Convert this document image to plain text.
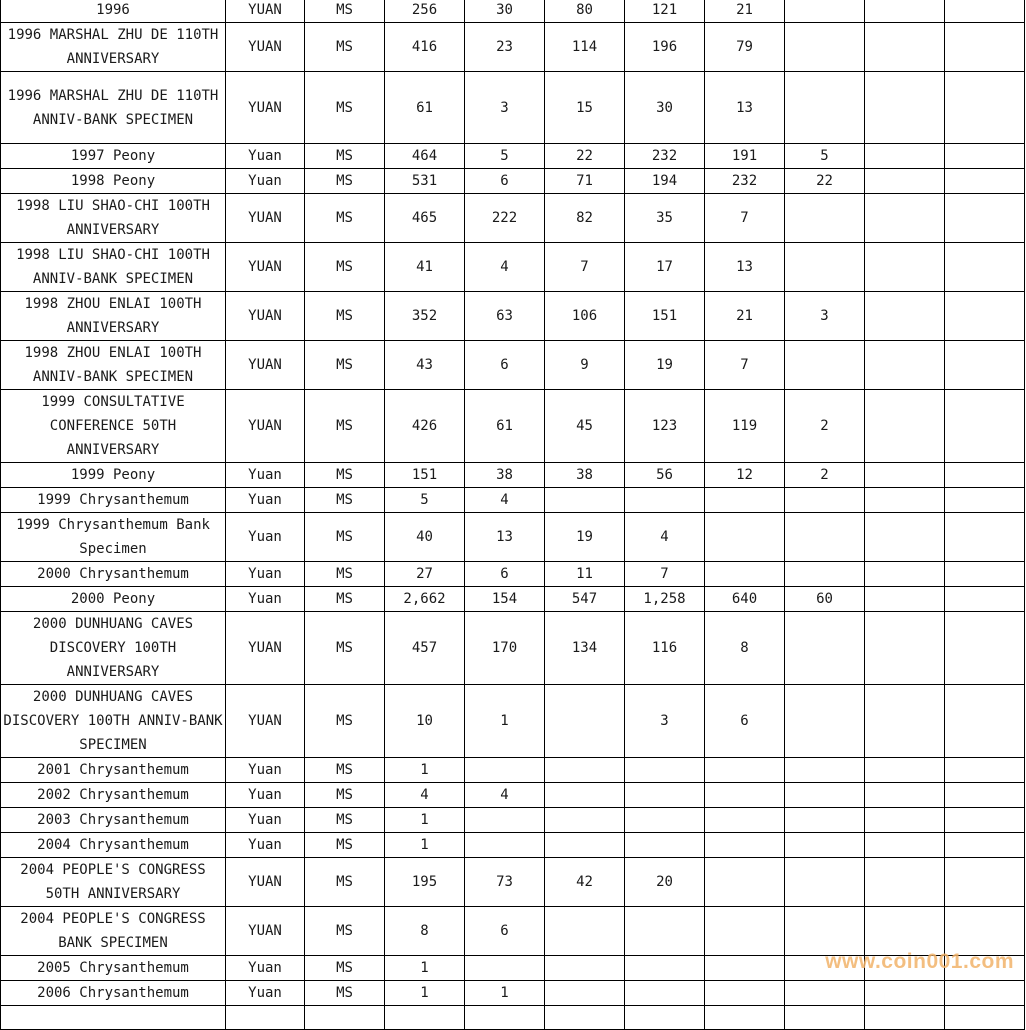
1996	YUAN	MS	256	30	80	121	21			
1996 MARSHAL ZHU DE 110TH ANNIVERSARY	YUAN	MS	416	23	114	196	79			
1996 MARSHAL ZHU DE 110TH ANNIV-BANK SPECIMEN	YUAN	MS	61	3	15	30	13			
1997 Peony	Yuan	MS	464	5	22	232	191	5		
1998 Peony	Yuan	MS	531	6	71	194	232	22		
1998 LIU SHAO-CHI 100TH ANNIVERSARY	YUAN	MS	465	222	82	35	7			
1998 LIU SHAO-CHI 100TH ANNIV-BANK SPECIMEN	YUAN	MS	41	4	7	17	13			
1998 ZHOU ENLAI 100TH ANNIVERSARY	YUAN	MS	352	63	106	151	21	3		
1998 ZHOU ENLAI 100TH ANNIV-BANK SPECIMEN	YUAN	MS	43	6	9	19	7			
1999 CONSULTATIVE CONFERENCE 50TH ANNIVERSARY	YUAN	MS	426	61	45	123	119	2		
1999 Peony	Yuan	MS	151	38	38	56	12	2		
1999 Chrysanthemum	Yuan	MS	5	4						
1999 Chrysanthemum Bank Specimen	Yuan	MS	40	13	19	4				
2000 Chrysanthemum	Yuan	MS	27	6	11	7				
2000 Peony	Yuan	MS	2,662	154	547	1,258	640	60		
2000 DUNHUANG CAVES DISCOVERY 100TH ANNIVERSARY	YUAN	MS	457	170	134	116	8			
2000 DUNHUANG CAVES DISCOVERY 100TH ANNIV-BANK SPECIMEN	YUAN	MS	10	1		3	6			
2001 Chrysanthemum	Yuan	MS	1							
2002 Chrysanthemum	Yuan	MS	4	4						
2003 Chrysanthemum	Yuan	MS	1							
2004 Chrysanthemum	Yuan	MS	1							
2004 PEOPLE'S CONGRESS 50TH ANNIVERSARY	YUAN	MS	195	73	42	20				
2004 PEOPLE'S CONGRESS BANK SPECIMEN	YUAN	MS	8	6						
2005 Chrysanthemum	Yuan	MS	1							
2006 Chrysanthemum	Yuan	MS	1	1						

www.coin001.com
